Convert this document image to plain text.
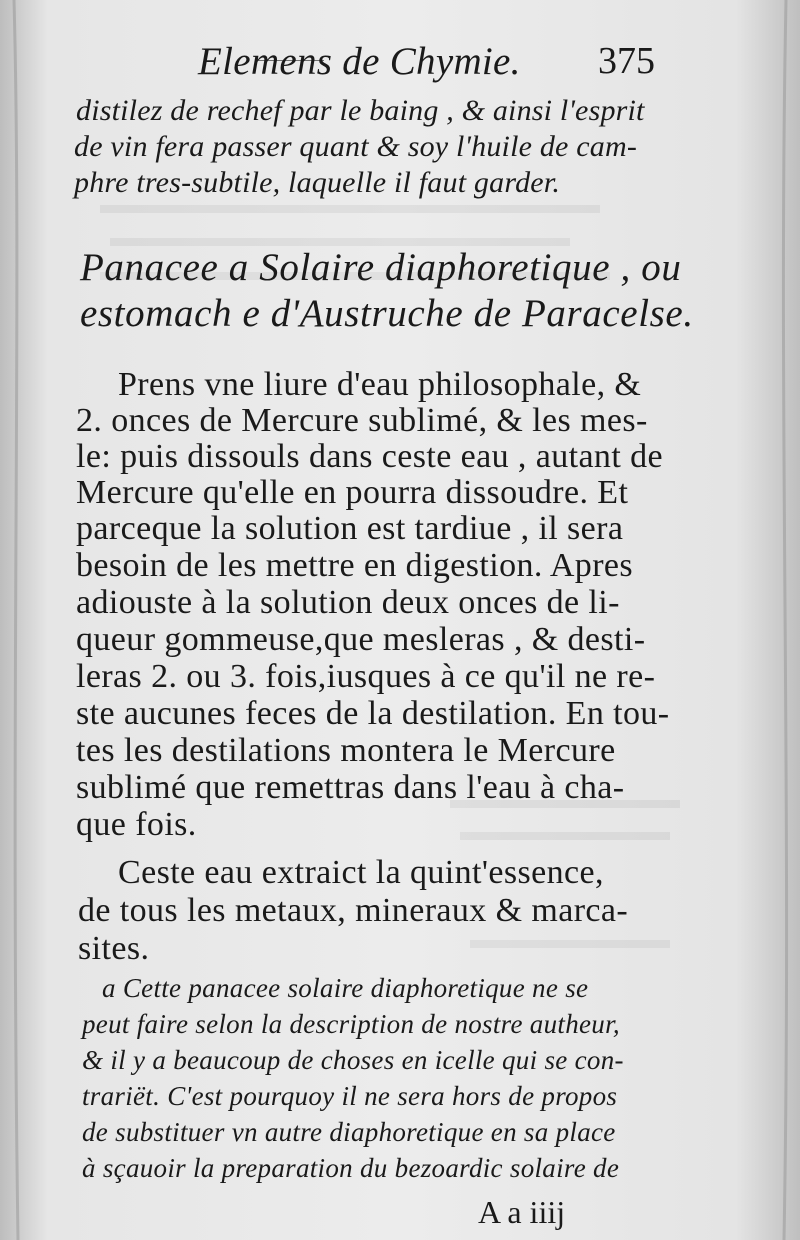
Elemens de Chymie. 375
distilez de rechef par le baing , & ainsi l'esprit
de vin fera passer quant & soy l'huile de cam-
phre tres-subtile, laquelle il faut garder.
Panacee a Solaire diaphoretique , ou
estomach e d'Austruche de Paracelse.
Prens vne liure d'eau philosophale, &
2. onces de Mercure sublimé, & les mes-
le: puis dissouls dans ceste eau , autant de
Mercure qu'elle en pourra dissoudre. Et
parceque la solution est tardiue , il sera
besoin de les mettre en digestion. Apres
adiouste à la solution deux onces de li-
queur gommeuse,que mesleras , & desti-
leras 2. ou 3. fois,iusques à ce qu'il ne re-
ste aucunes feces de la destilation. En tou-
tes les destilations montera le Mercure
sublimé que remettras dans l'eau à cha-
que fois.
Ceste eau extraict la quint'essence,
de tous les metaux, mineraux & marca-
sites.
a Cette panacee solaire diaphoretique ne se
peut faire selon la description de nostre autheur,
& il y a beaucoup de choses en icelle qui se con-
trariët. C'est pourquoy il ne sera hors de propos
de substituer vn autre diaphoretique en sa place
à sçauoir la preparation du bezoardic solaire de
A a iiij
